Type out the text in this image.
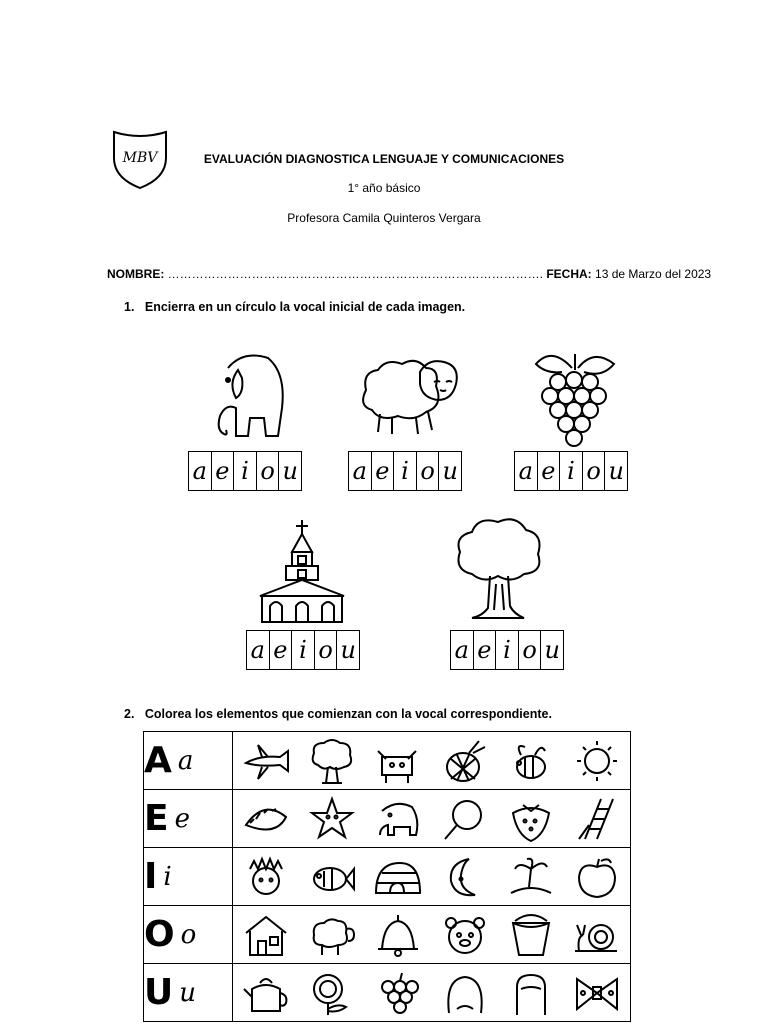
MBV	EVALUACIÓN DIAGNOSTICA LENGUAJE Y COMUNICACIONES
1° año básico
Profesora Camila Quinteros Vergara
NOMBRE: …………………………………………………………………………………. FECHA: 13 de Marzo del 2023
1. Encierra en un círculo la vocal inicial de cada imagen.
a e i o u a e i o u	a e i o u
a e i o u	a e i o u
2. Colorea los elementos que comienzan con la vocal correspondiente.
A a	

E e	

I i	

O o	

U u	
